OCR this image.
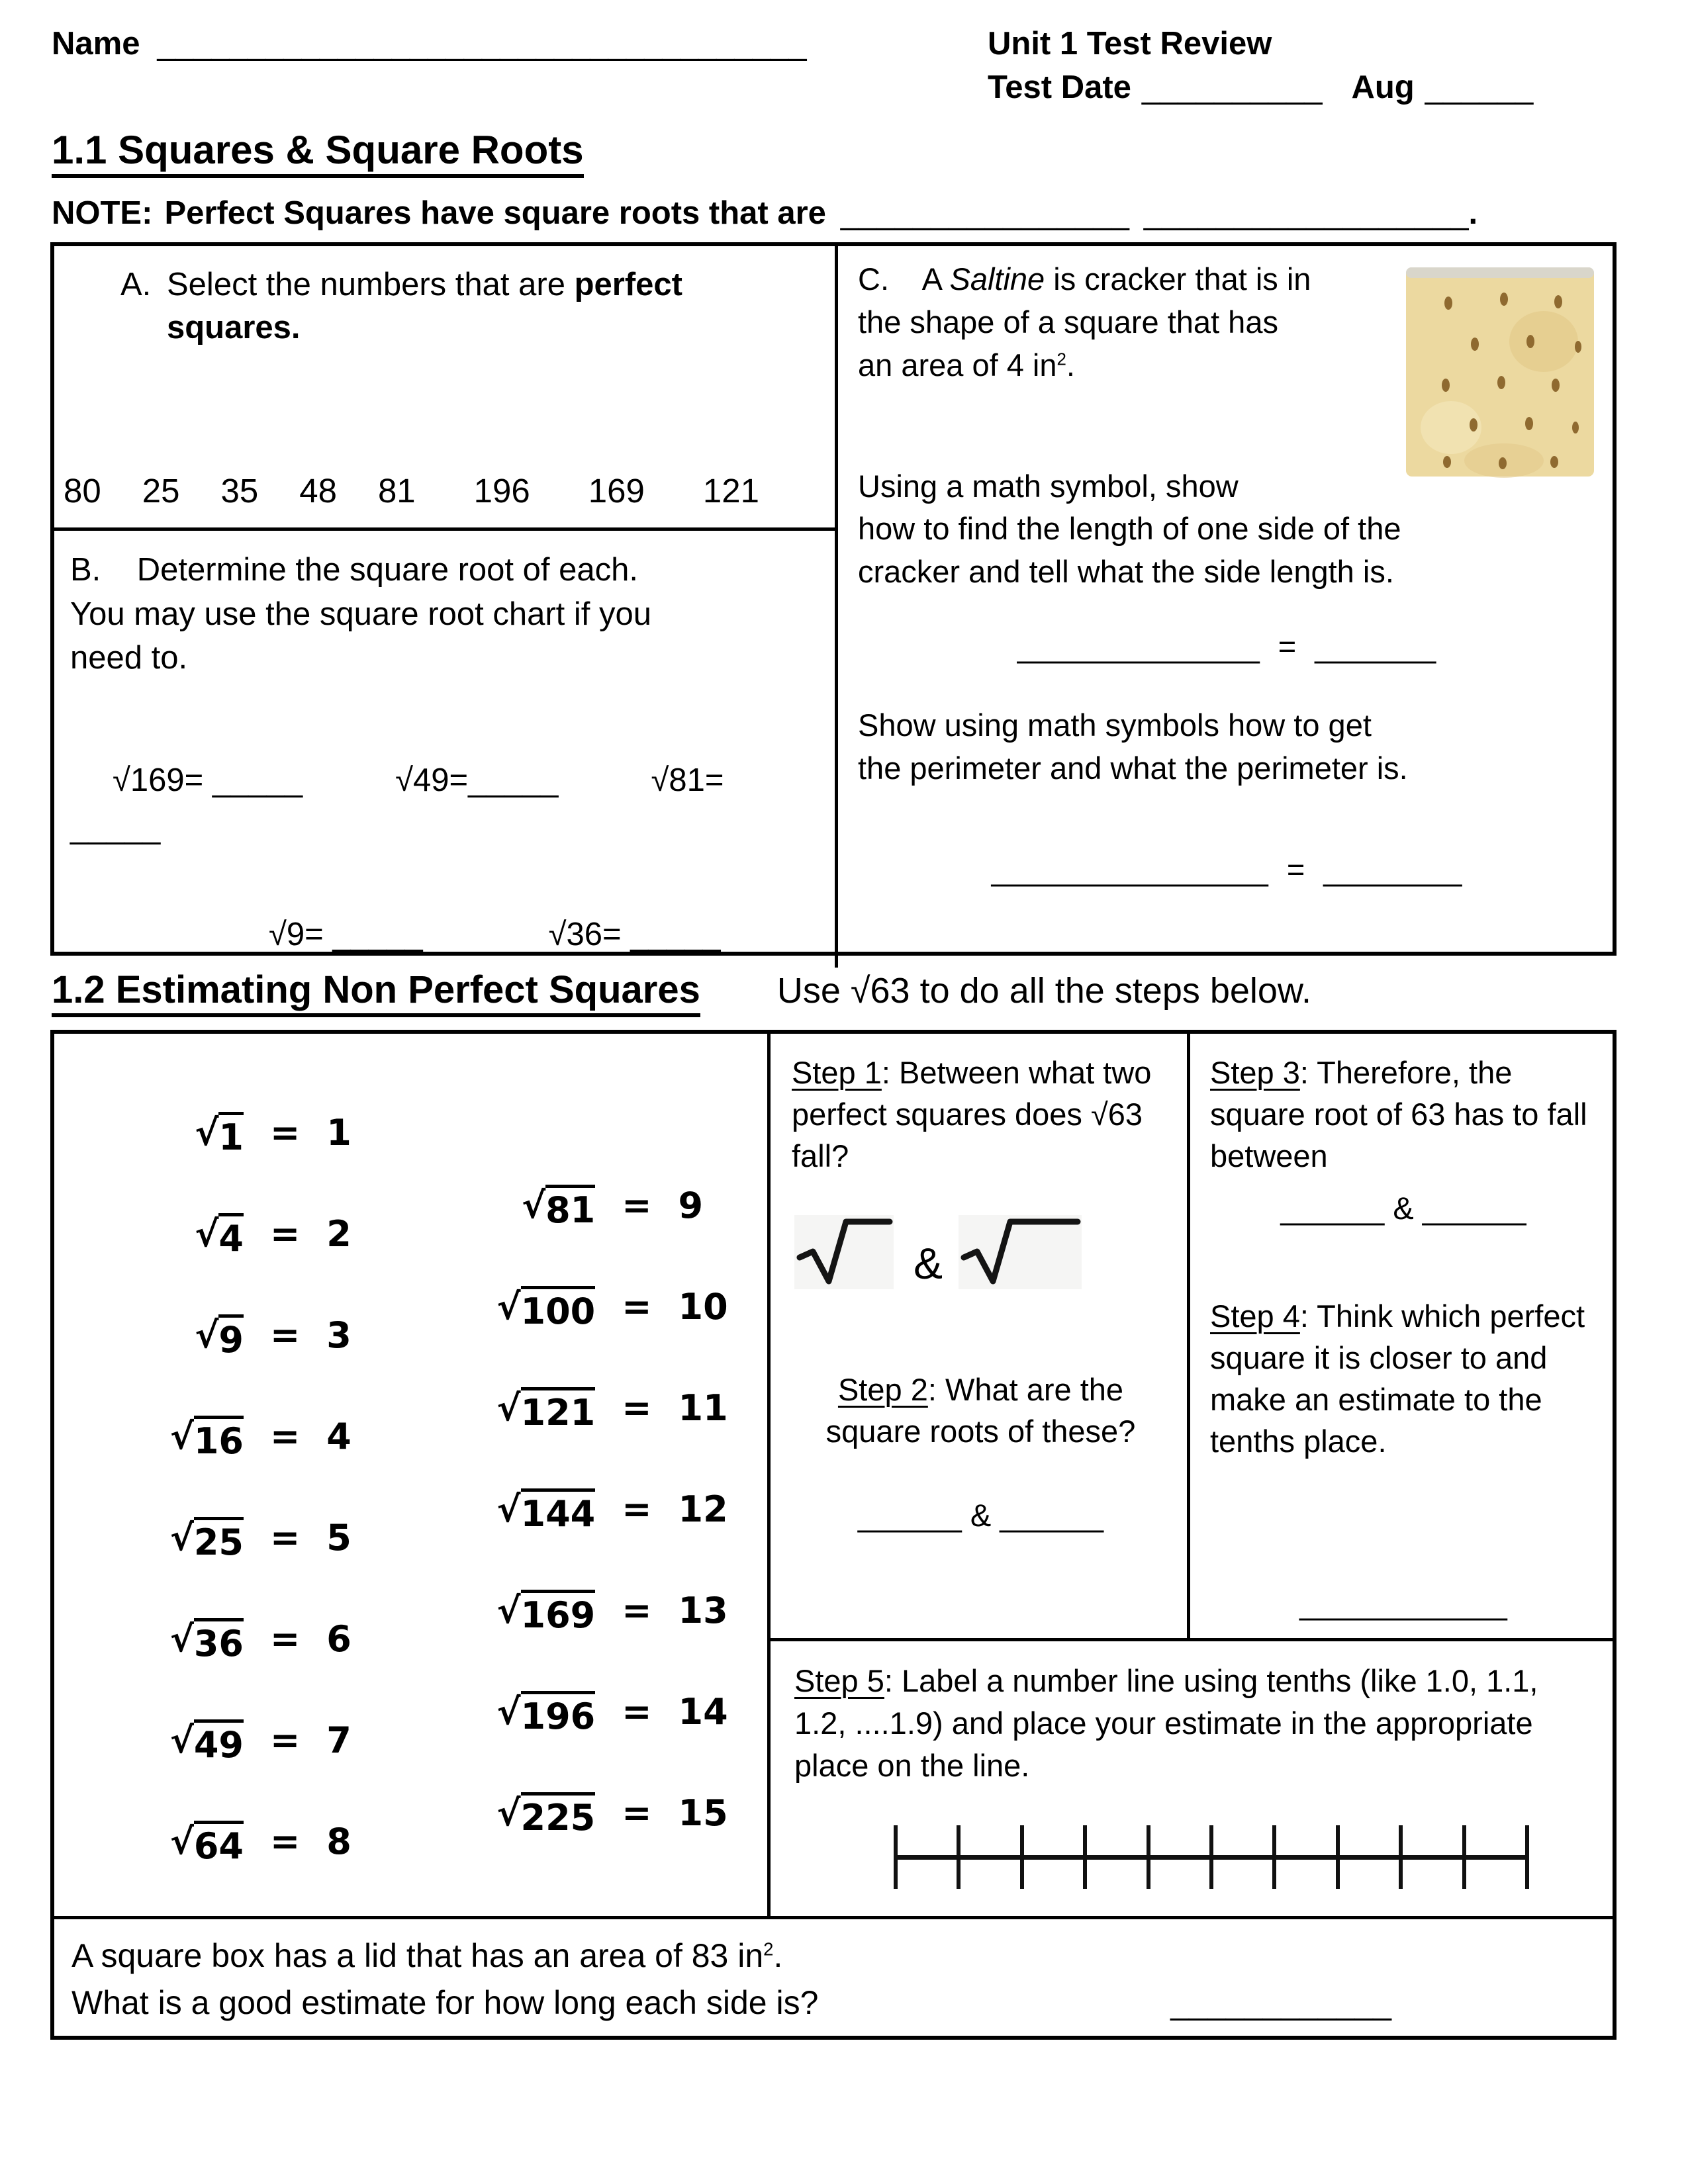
Name ____________________________________	Unit 1 Test Review
Test Date __________ Aug ______
1.1 Squares & Square Roots
NOTE: Perfect Squares have square roots that are ________________ __________________.
A. Select the numbers that are perfect squares.
80 25 35 48 81 196 169 121
B. Determine the square root of each. You may use the square root chart if you need to.
√169= _____	√49=_____	√81=
_____
√9= _____	√36= _____
C. A Saltine is cracker that is in the shape of a square that has an area of 4 $in^2$.
Using a math symbol, show
how to find the length of one side of the cracker and tell what the side length is.
______________ = _______
Show using math symbols how to get the perimeter and what the perimeter is.
________________ = ________
1.2 Estimating Non Perfect Squares Use √63 to do all the steps below.
√ 1 = 1
√ 4 = 2
√ 9 = 3
√ 16 = 4
√ 25 = 5
√ 36 = 6
√ 49 = 7
√ 64 = 8
√ 81 = 9
√ 100 = 10
√ 121 = 11
√ 144 = 12
√ 169 = 13
√ 196 = 14
√ 225 = 15
Step 1: Between what two perfect squares does √63 fall?
&
Step 2: What are the square roots of these?
______ & ______
Step 3: Therefore, the square root of 63 has to fall between
______ & ______
Step 4: Think which perfect square it is closer to and make an estimate to the tenths place.
____________
Step 5: Label a number line using tenths (like 1.0, 1.1, 1.2, ....1.9) and place your estimate in the appropriate place on the line.
A square box has a lid that has an area of 83 $in^2$.
What is a good estimate for how long each side is?	____________
